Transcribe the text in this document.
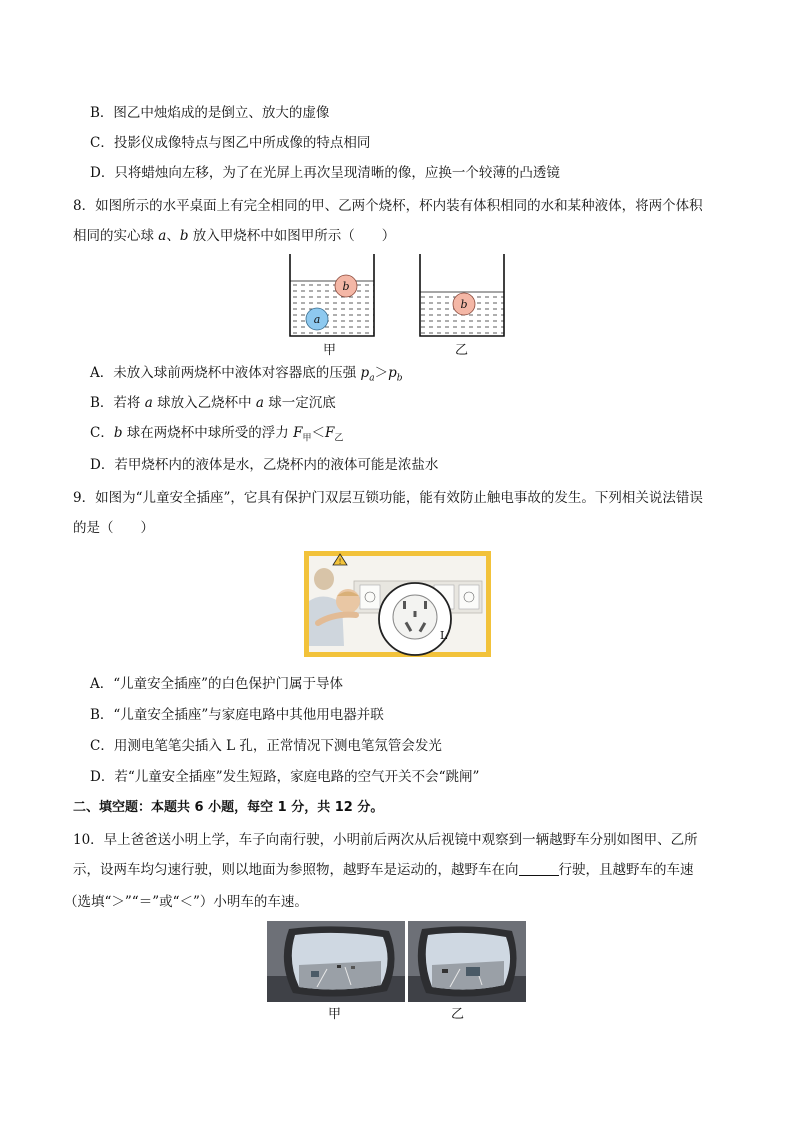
B．图乙中烛焰成的是倒立、放大的虚像
C．投影仪成像特点与图乙中所成像的特点相同
D．只将蜡烛向左移，为了在光屏上再次呈现清晰的像，应换一个较薄的凸透镜
8．如图所示的水平桌面上有完全相同的甲、乙两个烧杯，杯内装有体积相同的水和某种液体，将两个体积
相同的实心球 a、b 放入甲烧杯中如图甲所示（　　）
b
a
b
甲	乙
A．未放入球前两烧杯中液体对容器底的压强 $p_a>p_b$
B．若将 a 球放入乙烧杯中 a 球一定沉底
C．b 球在两烧杯中球所受的浮力 $F_甲<F_乙$
D．若甲烧杯内的液体是水，乙烧杯内的液体可能是浓盐水
9．如图为“儿童安全插座”，它具有保护门双层互锁功能，能有效防止触电事故的发生。下列相关说法错误
的是（　　）
!
L
A．“儿童安全插座”的白色保护门属于导体
B．“儿童安全插座”与家庭电路中其他用电器并联
C．用测电笔笔尖插入 L 孔，正常情况下测电笔氖管会发光
D．若“儿童安全插座”发生短路，家庭电路的空气开关不会“跳闸”
二、填空题：本题共 6 小题，每空 1 分，共 12 分。
10．早上爸爸送小明上学，车子向南行驶，小明前后两次从后视镜中观察到一辆越野车分别如图甲、乙所
示，设两车均匀速行驶，则以地面为参照物，越野车是运动的，越野车在向	行驶，且越野车的车速
（选填“＞”“＝”或“＜”）小明车的车速。
甲	乙
